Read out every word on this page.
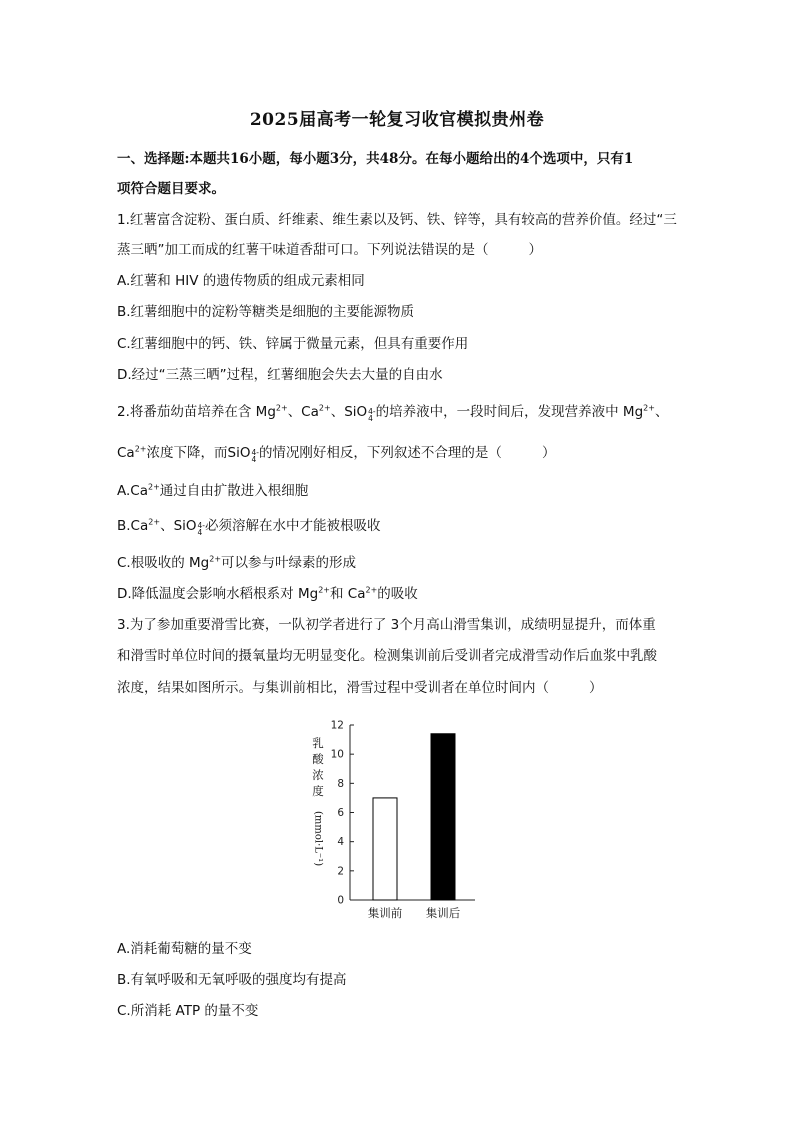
2025届高考一轮复习收官模拟贵州卷
一、选择题:本题共16小题，每小题3分，共48分。在每小题给出的4个选项中，只有1
项符合题目要求。
1.红薯富含淀粉、蛋白质、纤维素、维生素以及钙、铁、锌等，具有较高的营养价值。经过“三
蒸三晒”加工而成的红薯干味道香甜可口。下列说法错误的是（	）
A.红薯和 HIV 的遗传物质的组成元素相同
B.红薯细胞中的淀粉等糖类是细胞的主要能源物质
C.红薯细胞中的钙、铁、锌属于微量元素，但具有重要作用
D.经过“三蒸三晒”过程，红薯细胞会失去大量的自由水
2.将番茄幼苗培养在含 $Mg^{2+}$、$Ca^{2+}$、 SiO 4-
4 的培养液中，一段时间后，发现营养液中 $Mg^{2+}$、
$Ca^{2+}$浓度下降，而 SiO 4-
4 的情况刚好相反，下列叙述不合理的是（	）
$A.Ca^{2+}$通过自由扩散进入根细胞
$B.Ca^{2+}$、 SiO 4-
4 必须溶解在水中才能被根吸收
C.根吸收的 $Mg^{2+}$可以参与叶绿素的形成
D.降低温度会影响水稻根系对 $Mg^{2+}$和 $Ca^{2+}$的吸收
3.为了参加重要滑雪比赛，一队初学者进行了 3个月高山滑雪集训，成绩明显提升，而体重
和滑雪时单位时间的摄氧量均无明显变化。检测集训前后受训者完成滑雪动作后血浆中乳酸
浓度，结果如图所示。与集训前相比，滑雪过程中受训者在单位时间内（	）
0
2
4
6
8
10
12
集训前 集训后
乳
酸
浓
度
(mmol·L⁻¹)
A.消耗葡萄糖的量不变
B.有氧呼吸和无氧呼吸的强度均有提高
C.所消耗 ATP 的量不变
